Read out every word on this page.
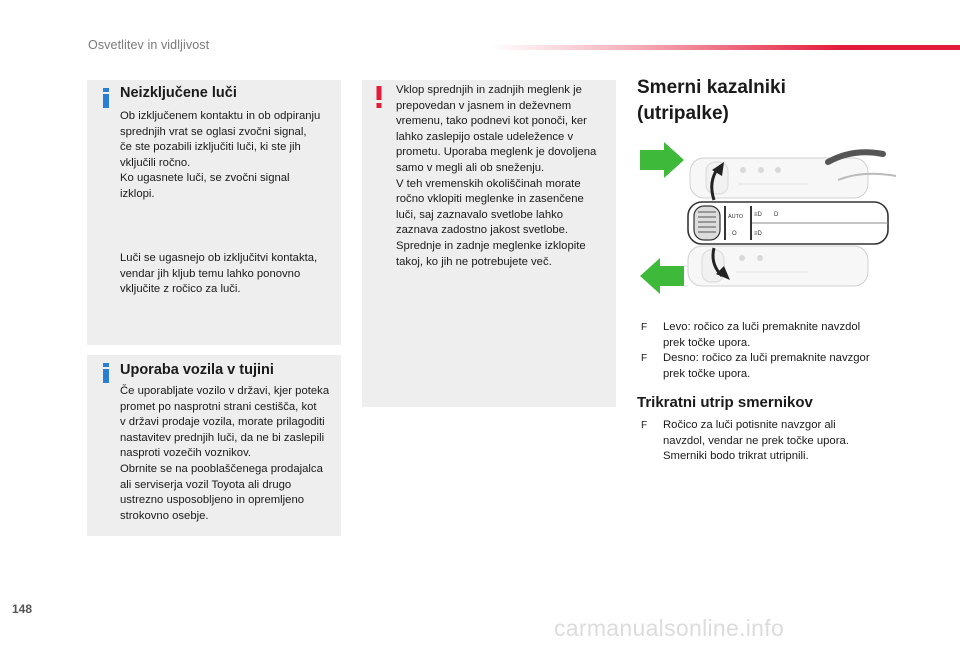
Osvetlitev in vidljivost
Neizključene luči
Ob izključenem kontaktu in ob odpiranju
sprednjih vrat se oglasi zvočni signal,
če ste pozabili izključiti luči, ki ste jih
vključili ročno.
Ko ugasnete luči, se zvočni signal
izklopi.
Luči se ugasnejo ob izključitvi kontakta,
vendar jih kljub temu lahko ponovno
vključite z ročico za luči.
Uporaba vozila v tujini
Če uporabljate vozilo v državi, kjer poteka
promet po nasprotni strani cestišča, kot
v državi prodaje vozila, morate prilagoditi
nastavitev prednjih luči, da ne bi zaslepili
nasproti vozečih voznikov.
Obrnite se na pooblaščenega prodajalca
ali serviserja vozil Toyota ali drugo
ustrezno usposobljeno in opremljeno
strokovno osebje.
Vklop sprednjih in zadnjih meglenk je
prepovedan v jasnem in deževnem
vremenu, tako podnevi kot ponoči, ker
lahko zaslepijo ostale udeležence v
prometu. Uporaba meglenk je dovoljena
samo v megli ali ob sneženju.
V teh vremenskih okoliščinah morate
ročno vklopiti meglenke in zasenčene
luči, saj zaznavalo svetlobe lahko
zaznava zadostno jakost svetlobe.
Sprednje in zadnje meglenke izklopite
takoj, ko jih ne potrebujete več.
Smerni kazalniki
(utripalke)
AUTO ≡D
≡D
D
O
F Levo: ročico za luči premaknite navzdol
prek točke upora.
F Desno: ročico za luči premaknite navzgor
prek točke upora.
Trikratni utrip smernikov
F Ročico za luči potisnite navzgor ali
navzdol, vendar ne prek točke upora.
Smerniki bodo trikrat utripnili.
148
carmanualsonline.info
